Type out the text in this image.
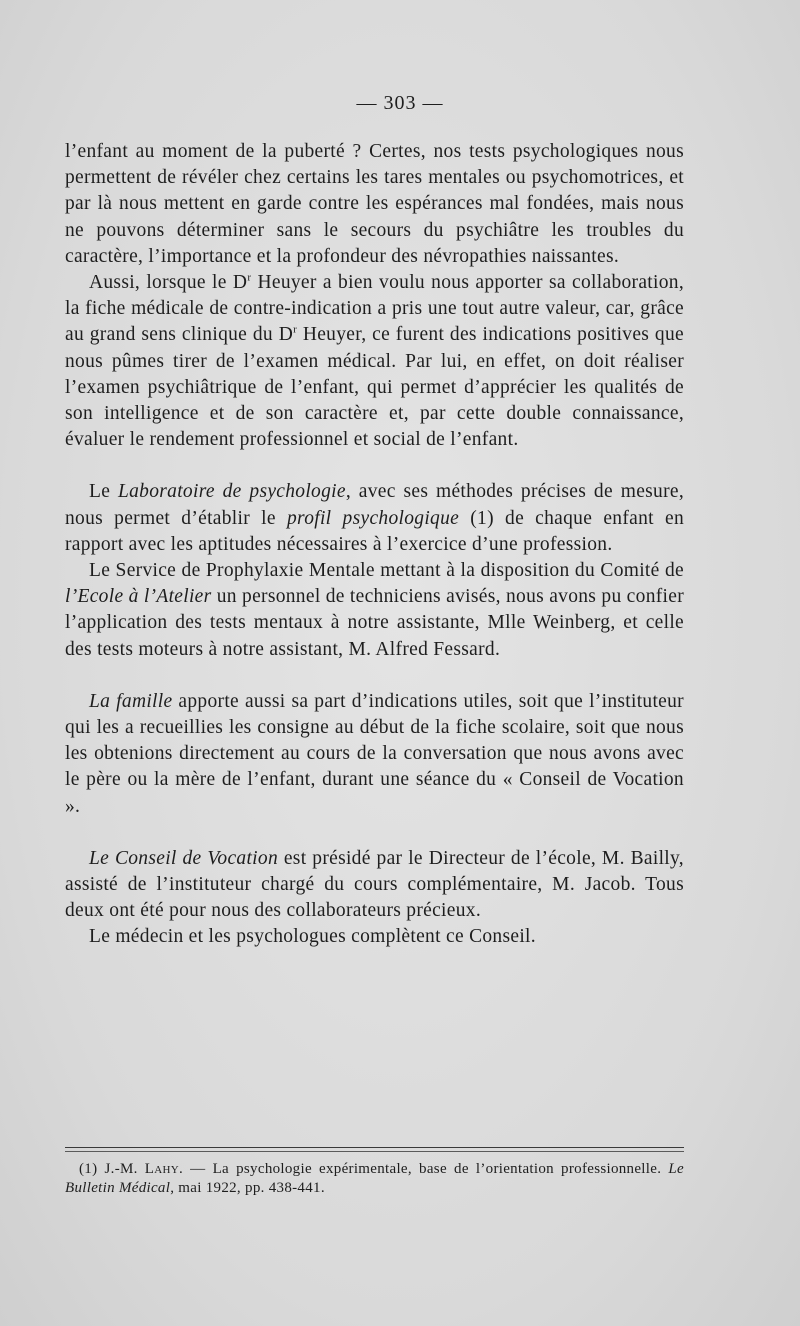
— 303 —

l’enfant au moment de la puberté ? Certes, nos tests psychologiques nous permettent de révéler chez certains les tares mentales ou psychomotrices, et par là nous mettent en garde contre les espérances mal fondées, mais nous ne pouvons déterminer sans le secours du psychiâtre les troubles du caractère, l’importance et la profondeur des névropathies naissantes.

Aussi, lorsque le $D^r$ Heuyer a bien voulu nous apporter sa collaboration, la fiche médicale de contre-indication a pris une tout autre valeur, car, grâce au grand sens clinique du $D^r$ Heuyer, ce furent des indications positives que nous pûmes tirer de l’examen médical. Par lui, en effet, on doit réaliser l’examen psychiâtrique de l’enfant, qui permet d’apprécier les qualités de son intelligence et de son caractère et, par cette double connaissance, évaluer le rendement professionnel et social de l’enfant.

Le Laboratoire de psychologie, avec ses méthodes précises de mesure, nous permet d’établir le profil psychologique (1) de chaque enfant en rapport avec les aptitudes nécessaires à l’exercice d’une profession.

Le Service de Prophylaxie Mentale mettant à la disposition du Comité de l’Ecole à l’Atelier un personnel de techniciens avisés, nous avons pu confier l’application des tests mentaux à notre assistante, Mlle Weinberg, et celle des tests moteurs à notre assistant, M. Alfred Fessard.

La famille apporte aussi sa part d’indications utiles, soit que l’instituteur qui les a recueillies les consigne au début de la fiche scolaire, soit que nous les obtenions directement au cours de la conversation que nous avons avec le père ou la mère de l’enfant, durant une séance du « Conseil de Vocation ».

Le Conseil de Vocation est présidé par le Directeur de l’école, M. Bailly, assisté de l’instituteur chargé du cours complémentaire, M. Jacob. Tous deux ont été pour nous des collaborateurs précieux.

Le médecin et les psychologues complètent ce Conseil.

(1) J.-M. Lahy. — La psychologie expérimentale, base de l’orientation professionnelle. Le Bulletin Médical, mai 1922, pp. 438-441.
